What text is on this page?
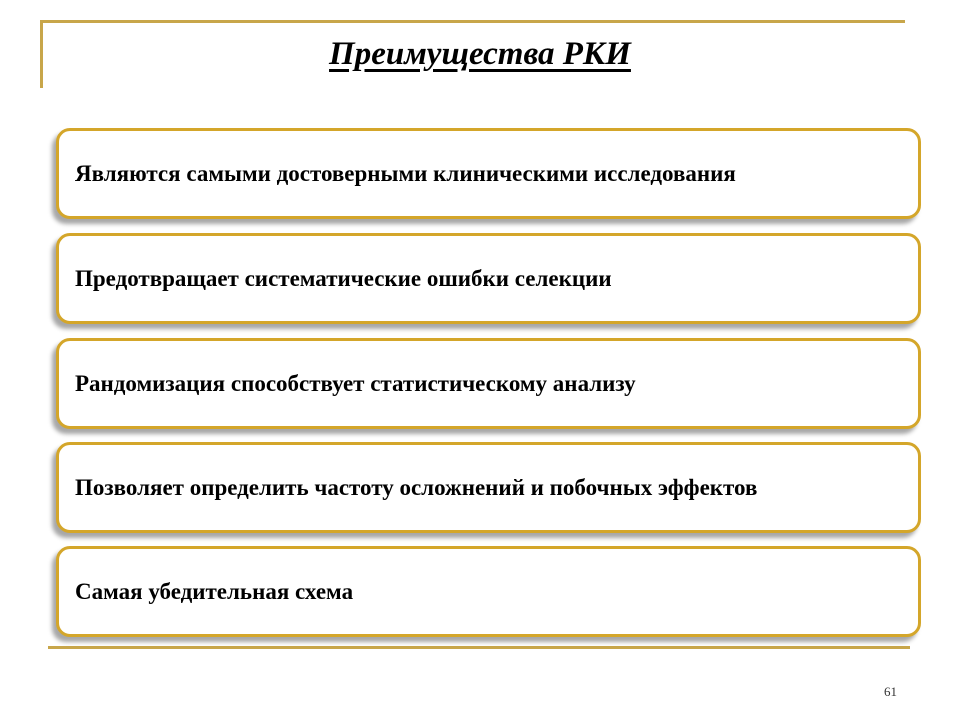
Преимущества РКИ
Являются самыми достоверными клиническими исследования
Предотвращает систематические ошибки селекции
Рандомизация способствует статистическому анализу
Позволяет определить частоту осложнений и побочных эффектов
Самая убедительная схема
61
